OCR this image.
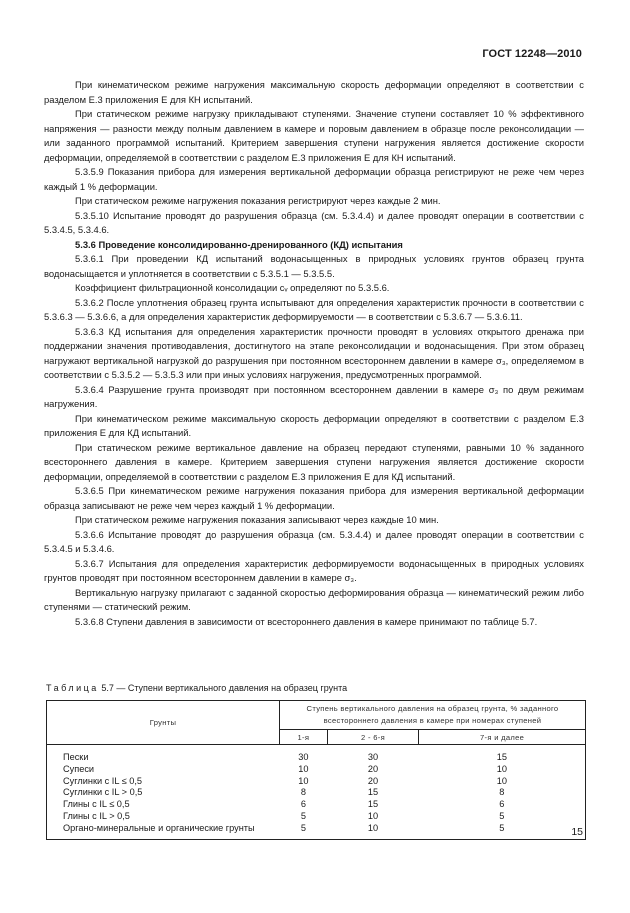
ГОСТ 12248—2010

При кинематическом режиме нагружения максимальную скорость деформации определяют в соответствии с разделом Е.3 приложения Е для КН испытаний.

При статическом режиме нагрузку прикладывают ступенями. Значение ступени составляет 10 % эффективного напряжения — разности между полным давлением в камере и поровым давлением в образце после реконсолидации — или заданного программой испытаний. Критерием завершения ступени нагружения является достижение скорости деформации, определяемой в соответствии с разделом Е.3 приложения Е для КН испытаний.

5.3.5.9 Показания прибора для измерения вертикальной деформации образца регистрируют не реже чем через каждый 1 % деформации.

При статическом режиме нагружения показания регистрируют через каждые 2 мин.

5.3.5.10 Испытание проводят до разрушения образца (см. 5.3.4.4) и далее проводят операции в соответствии с 5.3.4.5, 5.3.4.6.

5.3.6 Проведение консолидированно-дренированного (КД) испытания

5.3.6.1 При проведении КД испытаний водонасыщенных в природных условиях грунтов образец грунта водонасыщается и уплотняется в соответствии с 5.3.5.1 — 5.3.5.5.

Коэффициент фильтрационной консолидации cᵥ определяют по 5.3.5.6.

5.3.6.2 После уплотнения образец грунта испытывают для определения характеристик прочности в соответствии с 5.3.6.3 — 5.3.6.6, а для определения характеристик деформируемости — в соответствии с 5.3.6.7 — 5.3.6.11.

5.3.6.3 КД испытания для определения характеристик прочности проводят в условиях открытого дренажа при поддержании значения противодавления, достигнутого на этапе реконсолидации и водонасыщения. При этом образец нагружают вертикальной нагрузкой до разрушения при постоянном всестороннем давлении в камере σ₃, определяемом в соответствии с 5.3.5.2 — 5.3.5.3 или при иных условиях нагружения, предусмотренных программой.

5.3.6.4 Разрушение грунта производят при постоянном всестороннем давлении в камере σ₃ по двум режимам нагружения.

При кинематическом режиме максимальную скорость деформации определяют в соответствии с разделом Е.3 приложения Е для КД испытаний.

При статическом режиме вертикальное давление на образец передают ступенями, равными 10 % заданного всестороннего давления в камере. Критерием завершения ступени нагружения является достижение скорости деформации, определяемой в соответствии с разделом Е.3 приложения Е для КД испытаний.

5.3.6.5 При кинематическом режиме нагружения показания прибора для измерения вертикальной деформации образца записывают не реже чем через каждый 1 % деформации.

При статическом режиме нагружения показания записывают через каждые 10 мин.

5.3.6.6 Испытание проводят до разрушения образца (см. 5.3.4.4) и далее проводят операции в соответствии с 5.3.4.5 и 5.3.4.6.

5.3.6.7 Испытания для определения характеристик деформируемости водонасыщенных в природных условиях грунтов проводят при постоянном всестороннем давлении в камере σ₃.

Вертикальную нагрузку прилагают с заданной скоростью деформирования образца — кинематический режим либо ступенями — статический режим.

5.3.6.8 Ступени давления в зависимости от всестороннего давления в камере принимают по таблице 5.7.

Таблица 5.7 — Ступени вертикального давления на образец грунта
Грунты	Ступень вертикального давления на образец грунта, % заданного всестороннего давления в камере при номерах ступеней		
	1-я	2 - 6-я	7-я и далее
Пески	30	30	15
Супеси	10	20	10
Суглинки с IL ≤ 0,5	10	20	10
Суглинки с IL > 0,5	8	15	8
Глины с IL ≤ 0,5	6	15	6
Глины с IL > 0,5	5	10	5
Органо-минеральные и органические грунты	5	10	5	15
